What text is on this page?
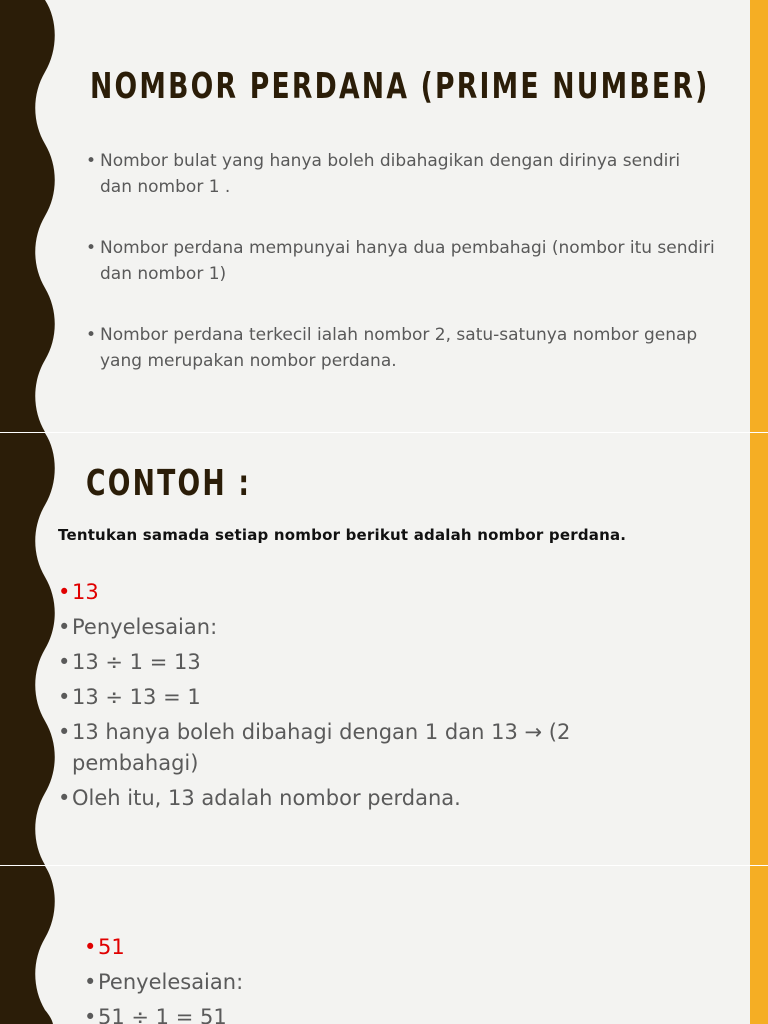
NOMBOR PERDANA (PRIME NUMBER)
• Nombor bulat yang hanya boleh dibahagikan dengan dirinya sendiri dan nombor 1 .
• Nombor perdana mempunyai hanya dua pembahagi (nombor itu sendiri dan nombor 1)
• Nombor perdana terkecil ialah nombor 2, satu-satunya nombor genap yang merupakan nombor perdana.
CONTOH :
Tentukan samada setiap nombor berikut adalah nombor perdana.
• 13
• Penyelesaian:
• 13 ÷ 1 = 13
• 13 ÷ 13 = 1
• 13 hanya boleh dibahagi dengan 1 dan 13 → (2 pembahagi)
• Oleh itu, 13 adalah nombor perdana.
• 51
• Penyelesaian:
• 51 ÷ 1 = 51
